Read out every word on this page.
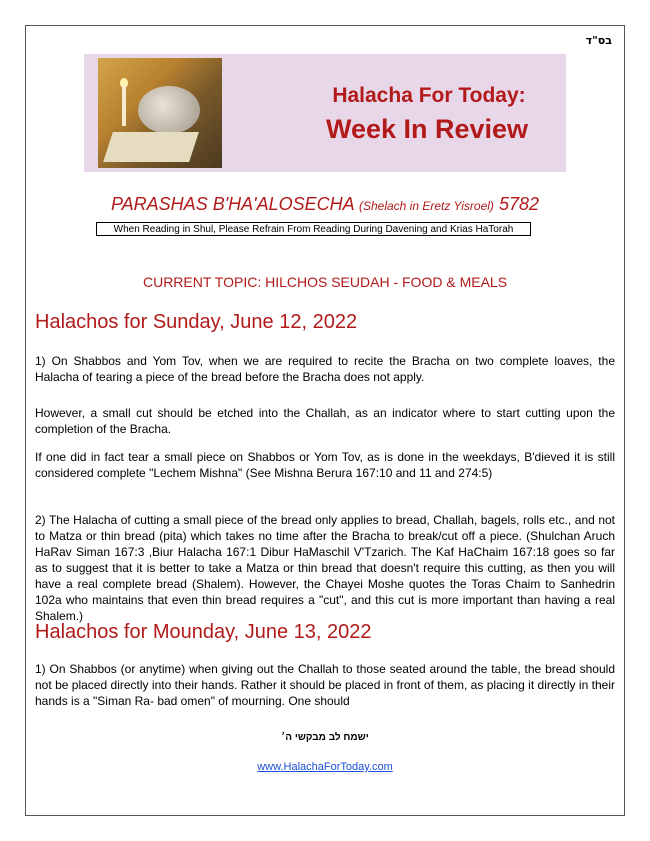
בס"ד
Halacha For Today:
Week In Review
PARASHAS B'HA'ALOSECHA (Shelach in Eretz Yisroel) 5782
When Reading in Shul, Please Refrain From Reading During Davening and Krias HaTorah
CURRENT TOPIC: HILCHOS SEUDAH - FOOD & MEALS
Halachos for Sunday, June 12, 2022
1) On Shabbos and Yom Tov, when we are required to recite the Bracha on two complete loaves, the Halacha of tearing a piece of the bread before the Bracha does not apply.
However, a small cut should be etched into the Challah, as an indicator where to start cutting upon the completion of the Bracha.
If one did in fact tear a small piece on Shabbos or Yom Tov, as is done in the weekdays, B'dieved it is still considered complete "Lechem Mishna" (See Mishna Berura 167:10 and 11 and 274:5)
2) The Halacha of cutting a small piece of the bread only applies to bread, Challah, bagels, rolls etc., and not to Matza or thin bread (pita) which takes no time after the Bracha to break/cut off a piece. (Shulchan Aruch HaRav Siman 167:3 ,Biur Halacha 167:1 Dibur HaMaschil V'Tzarich. The Kaf HaChaim 167:18 goes so far as to suggest that it is better to take a Matza or thin bread that doesn't require this cutting, as then you will have a real complete bread (Shalem). However, the Chayei Moshe quotes the Toras Chaim to Sanhedrin 102a who maintains that even thin bread requires a "cut", and this cut is more important than having a real Shalem.)
Halachos for Mounday, June 13, 2022
1) On Shabbos (or anytime) when giving out the Challah to those seated around the table, the bread should not be placed directly into their hands. Rather it should be placed in front of them, as placing it directly in their hands is a "Siman Ra- bad omen" of mourning. One should
ישמח לב מבקשי ה׳
www.HalachaForToday.com
